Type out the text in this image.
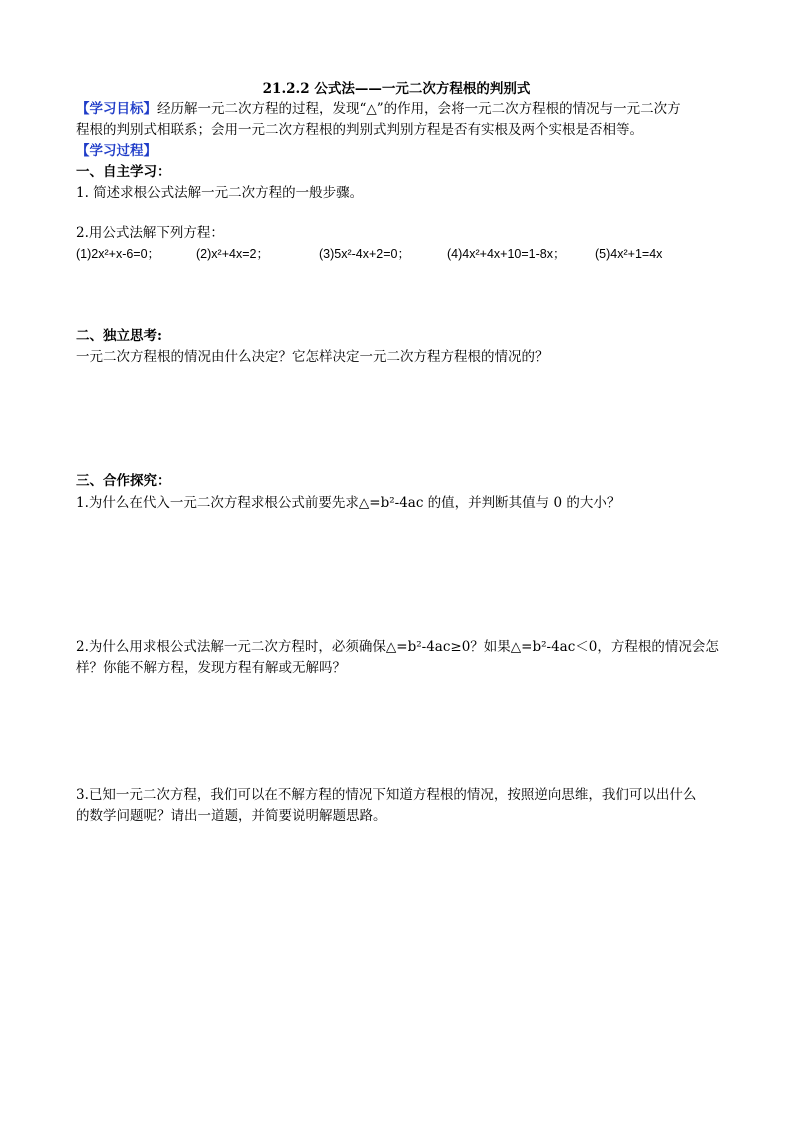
21.2.2 公式法——一元二次方程根的判别式
【学习目标】经历解一元二次方程的过程，发现“△”的作用，会将一元二次方程根的情况与一元二次方
程根的判别式相联系；会用一元二次方程根的判别式判别方程是否有实根及两个实根是否相等。
【学习过程】
一、自主学习：
1. 简述求根公式法解一元二次方程的一般步骤。
2.用公式法解下列方程：
(1)2x²+x-6=0；	(2)x²+4x=2；	(3)5x²-4x+2=0；	(4)4x²+4x+10=1-8x； (5)4x²+1=4x
二、独立思考:
一元二次方程根的情况由什么决定？它怎样决定一元二次方程方程根的情况的？
三、合作探究：
1.为什么在代入一元二次方程求根公式前要先求△=b²-4ac 的值，并判断其值与 0 的大小？
2.为什么用求根公式法解一元二次方程时，必须确保△=b²-4ac≥0？如果△=b²-4ac＜0，方程根的情况会怎
样？你能不解方程，发现方程有解或无解吗？
3.已知一元二次方程，我们可以在不解方程的情况下知道方程根的情况，按照逆向思维，我们可以出什么
的数学问题呢？请出一道题，并简要说明解题思路。
